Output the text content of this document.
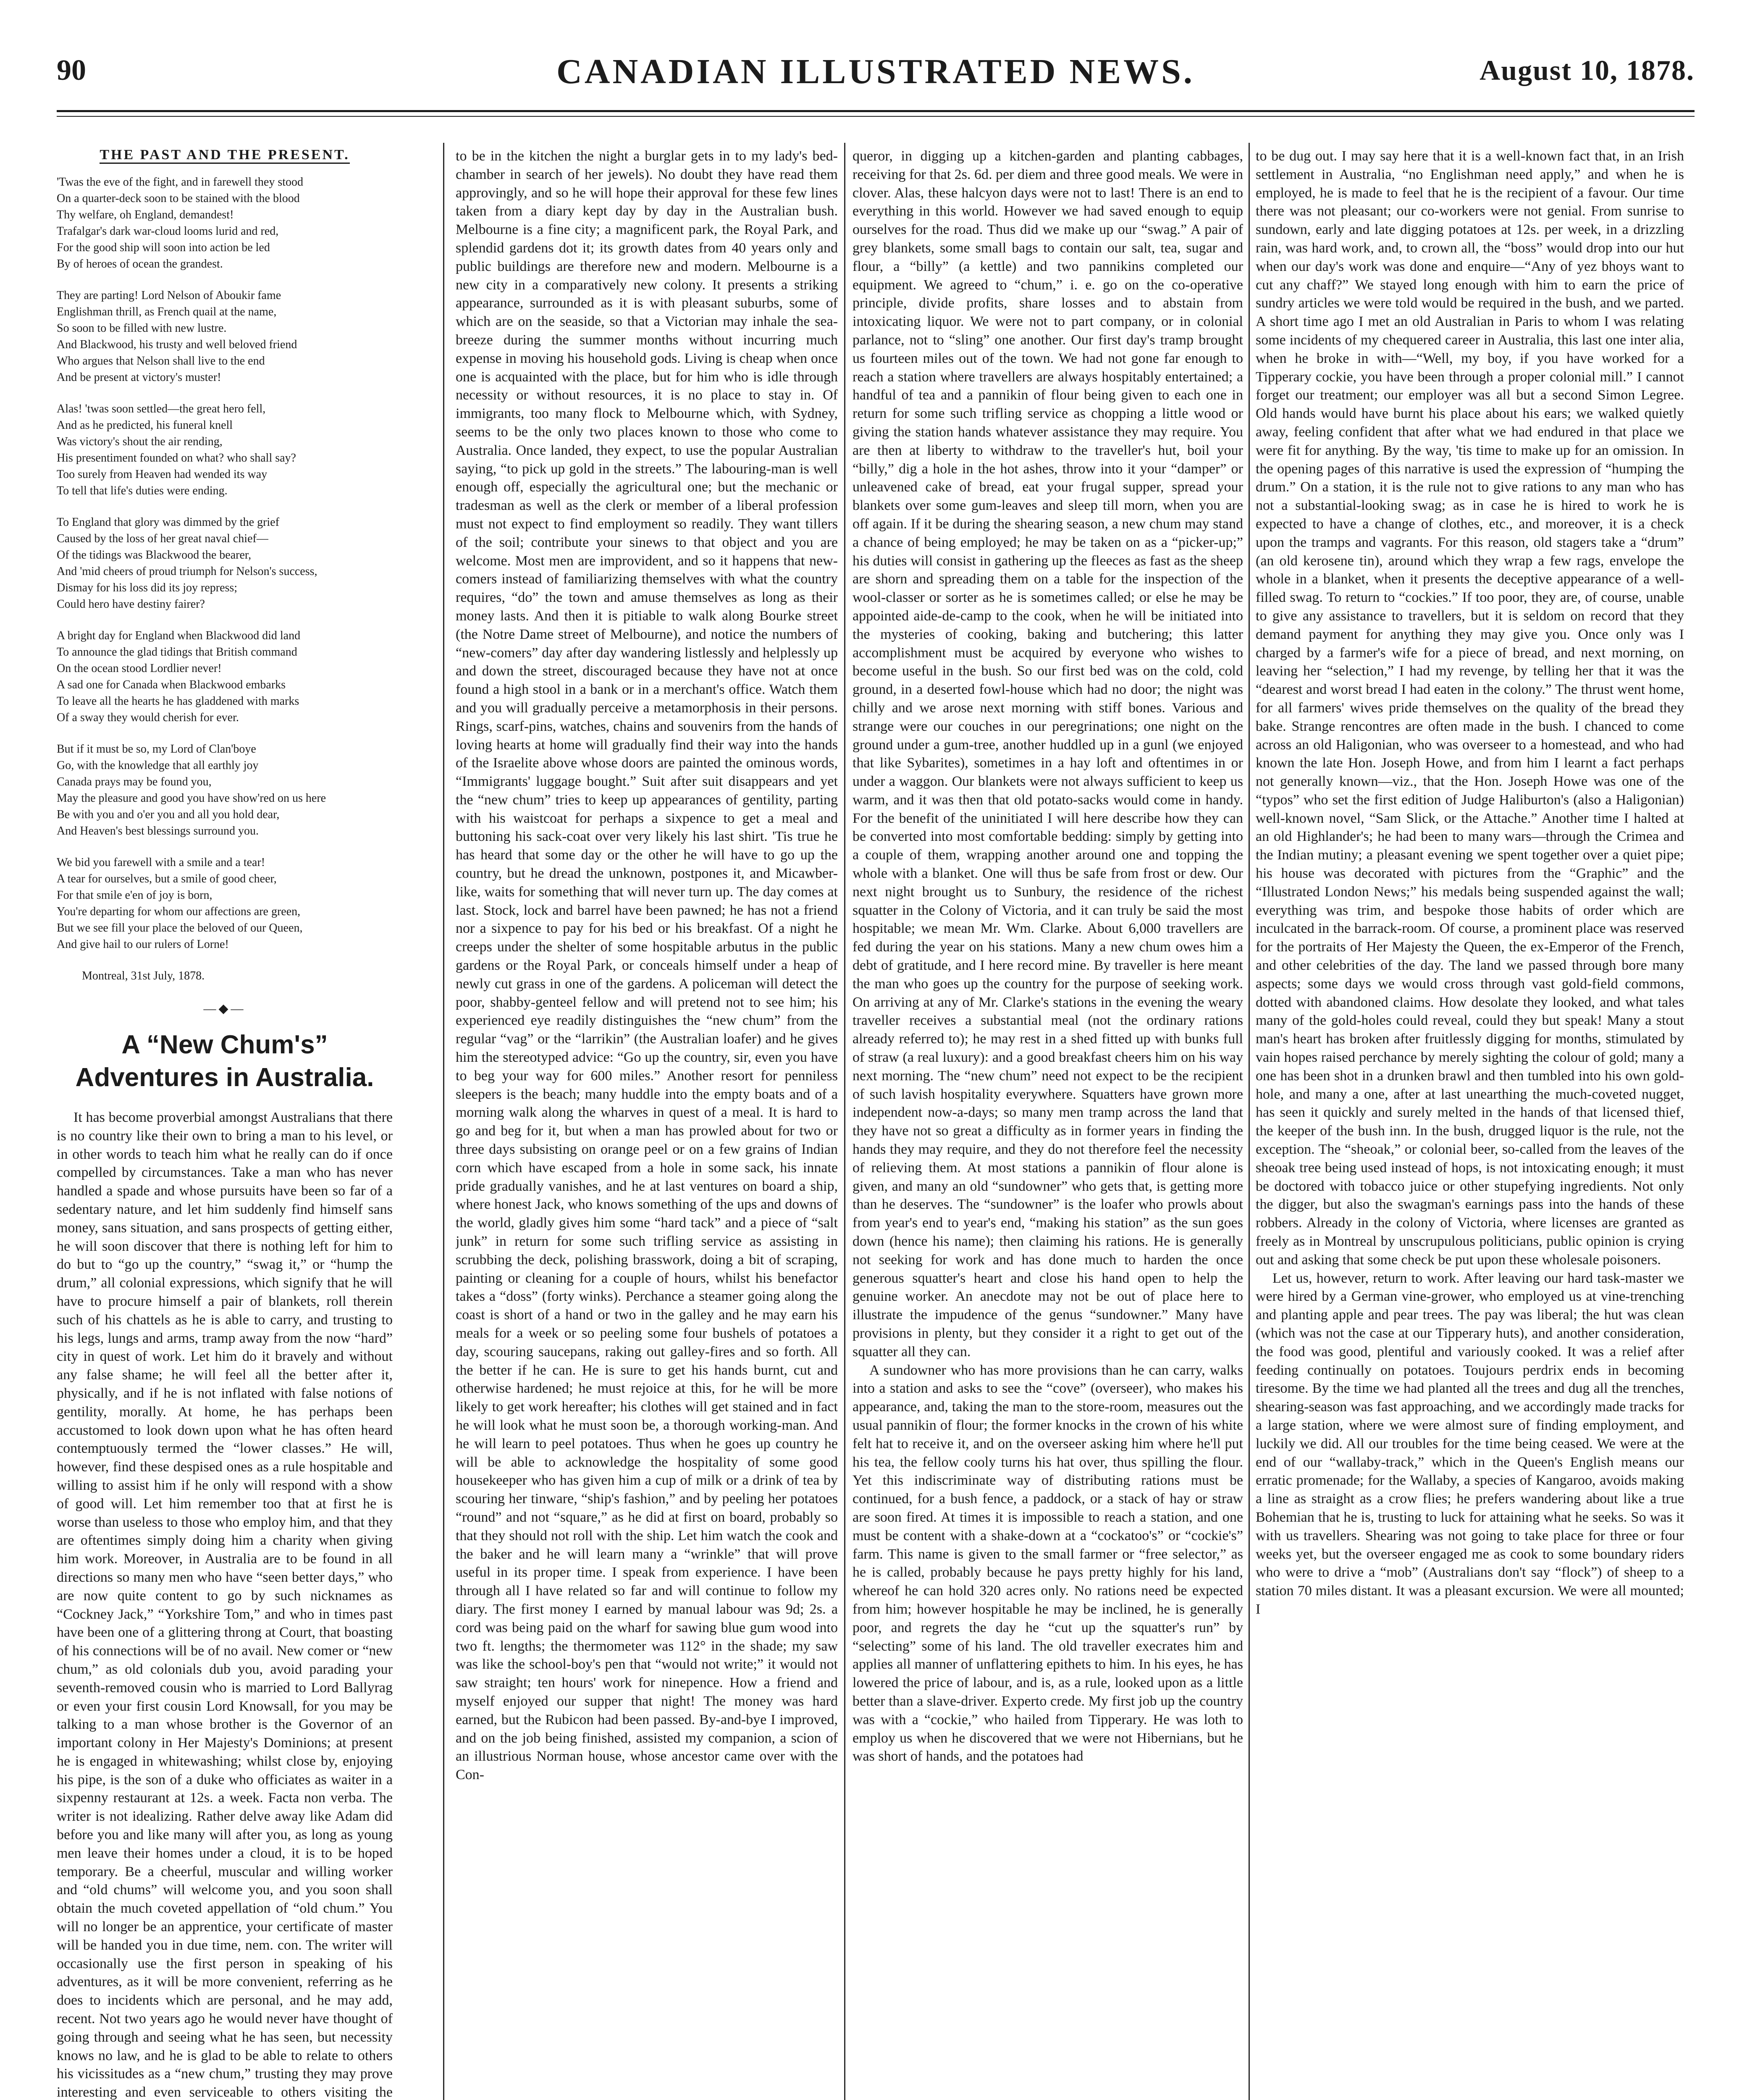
90	CANADIAN ILLUSTRATED NEWS.	August 10, 1878.
THE PAST AND THE PRESENT.
'Twas the eve of the fight, and in farewell they stood
On a quarter-deck soon to be stained with the blood
Thy welfare, oh England, demandest!
Trafalgar's dark war-cloud looms lurid and red,
For the good ship will soon into action be led
By of heroes of ocean the grandest.
They are parting! Lord Nelson of Aboukir fame
Englishman thrill, as French quail at the name,
So soon to be filled with new lustre.
And Blackwood, his trusty and well beloved friend
Who argues that Nelson shall live to the end
And be present at victory's muster!
Alas! 'twas soon settled—the great hero fell,
And as he predicted, his funeral knell
Was victory's shout the air rending,
His presentiment founded on what? who shall say?
Too surely from Heaven had wended its way
To tell that life's duties were ending.
To England that glory was dimmed by the grief
Caused by the loss of her great naval chief—
Of the tidings was Blackwood the bearer,
And 'mid cheers of proud triumph for Nelson's success,
Dismay for his loss did its joy repress;
Could hero have destiny fairer?
A bright day for England when Blackwood did land
To announce the glad tidings that British command
On the ocean stood Lordlier never!
A sad one for Canada when Blackwood embarks
To leave all the hearts he has gladdened with marks
Of a sway they would cherish for ever.
But if it must be so, my Lord of Clan'boye
Go, with the knowledge that all earthly joy
Canada prays may be found you,
May the pleasure and good you have show'red on us here
Be with you and o'er you and all you hold dear,
And Heaven's best blessings surround you.
We bid you farewell with a smile and a tear!
A tear for ourselves, but a smile of good cheer,
For that smile e'en of joy is born,
You're departing for whom our affections are green,
But we see fill your place the beloved of our Queen,
And give hail to our rulers of Lorne!
Montreal, 31st July, 1878.
—◆—
A “New Chum's” Adventures in Australia.

It has become proverbial amongst Australians that there is no country like their own to bring a man to his level, or in other words to teach him what he really can do if once compelled by circumstances. Take a man who has never handled a spade and whose pursuits have been so far of a sedentary nature, and let him suddenly find himself sans money, sans situation, and sans prospects of getting either, he will soon discover that there is nothing left for him to do but to “go up the country,” “swag it,” or “hump the drum,” all colonial expressions, which signify that he will have to procure himself a pair of blankets, roll therein such of his chattels as he is able to carry, and trusting to his legs, lungs and arms, tramp away from the now “hard” city in quest of work. Let him do it bravely and without any false shame; he will feel all the better after it, physically, and if he is not inflated with false notions of gentility, morally. At home, he has perhaps been accustomed to look down upon what he has often heard contemptuously termed the “lower classes.” He will, however, find these despised ones as a rule hospitable and willing to assist him if he only will respond with a show of good will. Let him remember too that at first he is worse than useless to those who employ him, and that they are oftentimes simply doing him a charity when giving him work. Moreover, in Australia are to be found in all directions so many men who have “seen better days,” who are now quite content to go by such nicknames as “Cockney Jack,” “Yorkshire Tom,” and who in times past have been one of a glittering throng at Court, that boasting of his connections will be of no avail. New comer or “new chum,” as old colonials dub you, avoid parading your seventh-removed cousin who is married to Lord Ballyrag or even your first cousin Lord Knowsall, for you may be talking to a man whose brother is the Governor of an important colony in Her Majesty's Dominions; at present he is engaged in whitewashing; whilst close by, enjoying his pipe, is the son of a duke who officiates as waiter in a sixpenny restaurant at 12s. a week. Facta non verba. The writer is not idealizing. Rather delve away like Adam did before you and like many will after you, as long as young men leave their homes under a cloud, it is to be hoped temporary. Be a cheerful, muscular and willing worker and “old chums” will welcome you, and you soon shall obtain the much coveted appellation of “old chum.” You will no longer be an apprentice, your certificate of master will be handed you in due time, nem. con. The writer will occasionally use the first person in speaking of his adventures, as it will be more convenient, referring as he does to incidents which are personal, and he may add, recent. Not two years ago he would never have thought of going through and seeing what he has seen, but necessity knows no law, and he is glad to be able to relate to others his vicissitudes as a “new chum,” trusting they may prove interesting and even serviceable to others visiting the

to be in the kitchen the night a burglar gets in to my lady's bed-chamber in search of her jewels). No doubt they have read them approvingly, and so he will hope their approval for these few lines taken from a diary kept day by day in the Australian bush. Melbourne is a fine city; a magnificent park, the Royal Park, and splendid gardens dot it; its growth dates from 40 years only and public buildings are therefore new and modern. Melbourne is a new city in a comparatively new colony. It presents a striking appearance, surrounded as it is with pleasant suburbs, some of which are on the seaside, so that a Victorian may inhale the sea-breeze during the summer months without incurring much expense in moving his household gods. Living is cheap when once one is acquainted with the place, but for him who is idle through necessity or without resources, it is no place to stay in. Of immigrants, too many flock to Melbourne which, with Sydney, seems to be the only two places known to those who come to Australia. Once landed, they expect, to use the popular Australian saying, “to pick up gold in the streets.” The labouring-man is well enough off, especially the agricultural one; but the mechanic or tradesman as well as the clerk or member of a liberal profession must not expect to find employment so readily. They want tillers of the soil; contribute your sinews to that object and you are welcome. Most men are improvident, and so it happens that new-comers instead of familiarizing themselves with what the country requires, “do” the town and amuse themselves as long as their money lasts. And then it is pitiable to walk along Bourke street (the Notre Dame street of Melbourne), and notice the numbers of “new-comers” day after day wandering listlessly and helplessly up and down the street, discouraged because they have not at once found a high stool in a bank or in a merchant's office. Watch them and you will gradually perceive a metamorphosis in their persons. Rings, scarf-pins, watches, chains and souvenirs from the hands of loving hearts at home will gradually find their way into the hands of the Israelite above whose doors are painted the ominous words, “Immigrants' luggage bought.” Suit after suit disappears and yet the “new chum” tries to keep up appearances of gentility, parting with his waistcoat for perhaps a sixpence to get a meal and buttoning his sack-coat over very likely his last shirt. 'Tis true he has heard that some day or the other he will have to go up the country, but he dread the unknown, postpones it, and Micawber-like, waits for something that will never turn up. The day comes at last. Stock, lock and barrel have been pawned; he has not a friend nor a sixpence to pay for his bed or his breakfast. Of a night he creeps under the shelter of some hospitable arbutus in the public gardens or the Royal Park, or conceals himself under a heap of newly cut grass in one of the gardens. A policeman will detect the poor, shabby-genteel fellow and will pretend not to see him; his experienced eye readily distinguishes the “new chum” from the regular “vag” or the “larrikin” (the Australian loafer) and he gives him the stereotyped advice: “Go up the country, sir, even you have to beg your way for 600 miles.” Another resort for penniless sleepers is the beach; many huddle into the empty boats and of a morning walk along the wharves in quest of a meal. It is hard to go and beg for it, but when a man has prowled about for two or three days subsisting on orange peel or on a few grains of Indian corn which have escaped from a hole in some sack, his innate pride gradually vanishes, and he at last ventures on board a ship, where honest Jack, who knows something of the ups and downs of the world, gladly gives him some “hard tack” and a piece of “salt junk” in return for some such trifling service as assisting in scrubbing the deck, polishing brasswork, doing a bit of scraping, painting or cleaning for a couple of hours, whilst his benefactor takes a “doss” (forty winks). Perchance a steamer going along the coast is short of a hand or two in the galley and he may earn his meals for a week or so peeling some four bushels of potatoes a day, scouring saucepans, raking out galley-fires and so forth. All the better if he can. He is sure to get his hands burnt, cut and otherwise hardened; he must rejoice at this, for he will be more likely to get work hereafter; his clothes will get stained and in fact he will look what he must soon be, a thorough working-man. And he will learn to peel potatoes. Thus when he goes up country he will be able to acknowledge the hospitality of some good housekeeper who has given him a cup of milk or a drink of tea by scouring her tinware, “ship's fashion,” and by peeling her potatoes “round” and not “square,” as he did at first on board, probably so that they should not roll with the ship. Let him watch the cook and the baker and he will learn many a “wrinkle” that will prove useful in its proper time. I speak from experience. I have been through all I have related so far and will continue to follow my diary. The first money I earned by manual labour was 9d; 2s. a cord was being paid on the wharf for sawing blue gum wood into two ft. lengths; the thermometer was 112° in the shade; my saw was like the school-boy's pen that “would not write;” it would not saw straight; ten hours' work for ninepence. How a friend and myself enjoyed our supper that night! The money was hard earned, but the Rubicon had been passed. By-and-bye I improved, and on the job being finished, assisted my companion, a scion of an illustrious Norman house, whose ancestor came over with the Con-

queror, in digging up a kitchen-garden and planting cabbages, receiving for that 2s. 6d. per diem and three good meals. We were in clover. Alas, these halcyon days were not to last! There is an end to everything in this world. However we had saved enough to equip ourselves for the road. Thus did we make up our “swag.” A pair of grey blankets, some small bags to contain our salt, tea, sugar and flour, a “billy” (a kettle) and two pannikins completed our equipment. We agreed to “chum,” i. e. go on the co-operative principle, divide profits, share losses and to abstain from intoxicating liquor. We were not to part company, or in colonial parlance, not to “sling” one another. Our first day's tramp brought us fourteen miles out of the town. We had not gone far enough to reach a station where travellers are always hospitably entertained; a handful of tea and a pannikin of flour being given to each one in return for some such trifling service as chopping a little wood or giving the station hands whatever assistance they may require. You are then at liberty to withdraw to the traveller's hut, boil your “billy,” dig a hole in the hot ashes, throw into it your “damper” or unleavened cake of bread, eat your frugal supper, spread your blankets over some gum-leaves and sleep till morn, when you are off again. If it be during the shearing season, a new chum may stand a chance of being employed; he may be taken on as a “picker-up;” his duties will consist in gathering up the fleeces as fast as the sheep are shorn and spreading them on a table for the inspection of the wool-classer or sorter as he is sometimes called; or else he may be appointed aide-de-camp to the cook, when he will be initiated into the mysteries of cooking, baking and butchering; this latter accomplishment must be acquired by everyone who wishes to become useful in the bush. So our first bed was on the cold, cold ground, in a deserted fowl-house which had no door; the night was chilly and we arose next morning with stiff bones. Various and strange were our couches in our peregrinations; one night on the ground under a gum-tree, another huddled up in a gunl (we enjoyed that like Sybarites), sometimes in a hay loft and oftentimes in or under a waggon. Our blankets were not always sufficient to keep us warm, and it was then that old potato-sacks would come in handy. For the benefit of the uninitiated I will here describe how they can be converted into most comfortable bedding: simply by getting into a couple of them, wrapping another around one and topping the whole with a blanket. One will thus be safe from frost or dew. Our next night brought us to Sunbury, the residence of the richest squatter in the Colony of Victoria, and it can truly be said the most hospitable; we mean Mr. Wm. Clarke. About 6,000 travellers are fed during the year on his stations. Many a new chum owes him a debt of gratitude, and I here record mine. By traveller is here meant the man who goes up the country for the purpose of seeking work. On arriving at any of Mr. Clarke's stations in the evening the weary traveller receives a substantial meal (not the ordinary rations already referred to); he may rest in a shed fitted up with bunks full of straw (a real luxury): and a good breakfast cheers him on his way next morning. The “new chum” need not expect to be the recipient of such lavish hospitality everywhere. Squatters have grown more independent now-a-days; so many men tramp across the land that they have not so great a difficulty as in former years in finding the hands they may require, and they do not therefore feel the necessity of relieving them. At most stations a pannikin of flour alone is given, and many an old “sundowner” who gets that, is getting more than he deserves. The “sundowner” is the loafer who prowls about from year's end to year's end, “making his station” as the sun goes down (hence his name); then claiming his rations. He is generally not seeking for work and has done much to harden the once generous squatter's heart and close his hand open to help the genuine worker. An anecdote may not be out of place here to illustrate the impudence of the genus “sundowner.” Many have provisions in plenty, but they consider it a right to get out of the squatter all they can.

A sundowner who has more provisions than he can carry, walks into a station and asks to see the “cove” (overseer), who makes his appearance, and, taking the man to the store-room, measures out the usual pannikin of flour; the former knocks in the crown of his white felt hat to receive it, and on the overseer asking him where he'll put his tea, the fellow cooly turns his hat over, thus spilling the flour. Yet this indiscriminate way of distributing rations must be continued, for a bush fence, a paddock, or a stack of hay or straw are soon fired. At times it is impossible to reach a station, and one must be content with a shake-down at a “cockatoo's” or “cockie's” farm. This name is given to the small farmer or “free selector,” as he is called, probably because he pays pretty highly for his land, whereof he can hold 320 acres only. No rations need be expected from him; however hospitable he may be inclined, he is generally poor, and regrets the day he “cut up the squatter's run” by “selecting” some of his land. The old traveller execrates him and applies all manner of unflattering epithets to him. In his eyes, he has lowered the price of labour, and is, as a rule, looked upon as a little better than a slave-driver. Experto crede. My first job up the country was with a “cockie,” who hailed from Tipperary. He was loth to employ us when he discovered that we were not Hibernians, but he was short of hands, and the potatoes had

to be dug out. I may say here that it is a well-known fact that, in an Irish settlement in Australia, “no Englishman need apply,” and when he is employed, he is made to feel that he is the recipient of a favour. Our time there was not pleasant; our co-workers were not genial. From sunrise to sundown, early and late digging potatoes at 12s. per week, in a drizzling rain, was hard work, and, to crown all, the “boss” would drop into our hut when our day's work was done and enquire—“Any of yez bhoys want to cut any chaff?” We stayed long enough with him to earn the price of sundry articles we were told would be required in the bush, and we parted. A short time ago I met an old Australian in Paris to whom I was relating some incidents of my chequered career in Australia, this last one inter alia, when he broke in with—“Well, my boy, if you have worked for a Tipperary cockie, you have been through a proper colonial mill.” I cannot forget our treatment; our employer was all but a second Simon Legree. Old hands would have burnt his place about his ears; we walked quietly away, feeling confident that after what we had endured in that place we were fit for anything. By the way, 'tis time to make up for an omission. In the opening pages of this narrative is used the expression of “humping the drum.” On a station, it is the rule not to give rations to any man who has not a substantial-looking swag; as in case he is hired to work he is expected to have a change of clothes, etc., and moreover, it is a check upon the tramps and vagrants. For this reason, old stagers take a “drum” (an old kerosene tin), around which they wrap a few rags, envelope the whole in a blanket, when it presents the deceptive appearance of a well-filled swag. To return to “cockies.” If too poor, they are, of course, unable to give any assistance to travellers, but it is seldom on record that they demand payment for anything they may give you. Once only was I charged by a farmer's wife for a piece of bread, and next morning, on leaving her “selection,” I had my revenge, by telling her that it was the “dearest and worst bread I had eaten in the colony.” The thrust went home, for all farmers' wives pride themselves on the quality of the bread they bake. Strange rencontres are often made in the bush. I chanced to come across an old Haligonian, who was overseer to a homestead, and who had known the late Hon. Joseph Howe, and from him I learnt a fact perhaps not generally known—viz., that the Hon. Joseph Howe was one of the “typos” who set the first edition of Judge Haliburton's (also a Haligonian) well-known novel, “Sam Slick, or the Attache.” Another time I halted at an old Highlander's; he had been to many wars—through the Crimea and the Indian mutiny; a pleasant evening we spent together over a quiet pipe; his house was decorated with pictures from the “Graphic” and the “Illustrated London News;” his medals being suspended against the wall; everything was trim, and bespoke those habits of order which are inculcated in the barrack-room. Of course, a prominent place was reserved for the portraits of Her Majesty the Queen, the ex-Emperor of the French, and other celebrities of the day. The land we passed through bore many aspects; some days we would cross through vast gold-field commons, dotted with abandoned claims. How desolate they looked, and what tales many of the gold-holes could reveal, could they but speak! Many a stout man's heart has broken after fruitlessly digging for months, stimulated by vain hopes raised perchance by merely sighting the colour of gold; many a one has been shot in a drunken brawl and then tumbled into his own gold-hole, and many a one, after at last unearthing the much-coveted nugget, has seen it quickly and surely melted in the hands of that licensed thief, the keeper of the bush inn. In the bush, drugged liquor is the rule, not the exception. The “sheoak,” or colonial beer, so-called from the leaves of the sheoak tree being used instead of hops, is not intoxicating enough; it must be doctored with tobacco juice or other stupefying ingredients. Not only the digger, but also the swagman's earnings pass into the hands of these robbers. Already in the colony of Victoria, where licenses are granted as freely as in Montreal by unscrupulous politicians, public opinion is crying out and asking that some check be put upon these wholesale poisoners.

Let us, however, return to work. After leaving our hard task-master we were hired by a German vine-grower, who employed us at vine-trenching and planting apple and pear trees. The pay was liberal; the hut was clean (which was not the case at our Tipperary huts), and another consideration, the food was good, plentiful and variously cooked. It was a relief after feeding continually on potatoes. Toujours perdrix ends in becoming tiresome. By the time we had planted all the trees and dug all the trenches, shearing-season was fast approaching, and we accordingly made tracks for a large station, where we were almost sure of finding employment, and luckily we did. All our troubles for the time being ceased. We were at the end of our “wallaby-track,” which in the Queen's English means our erratic promenade; for the Wallaby, a species of Kangaroo, avoids making a line as straight as a crow flies; he prefers wandering about like a true Bohemian that he is, trusting to luck for attaining what he seeks. So was it with us travellers. Shearing was not going to take place for three or four weeks yet, but the overseer engaged me as cook to some boundary riders who were to drive a “mob” (Australians don't say “flock”) of sheep to a station 70 miles distant. It was a pleasant excursion. We were all mounted; I
